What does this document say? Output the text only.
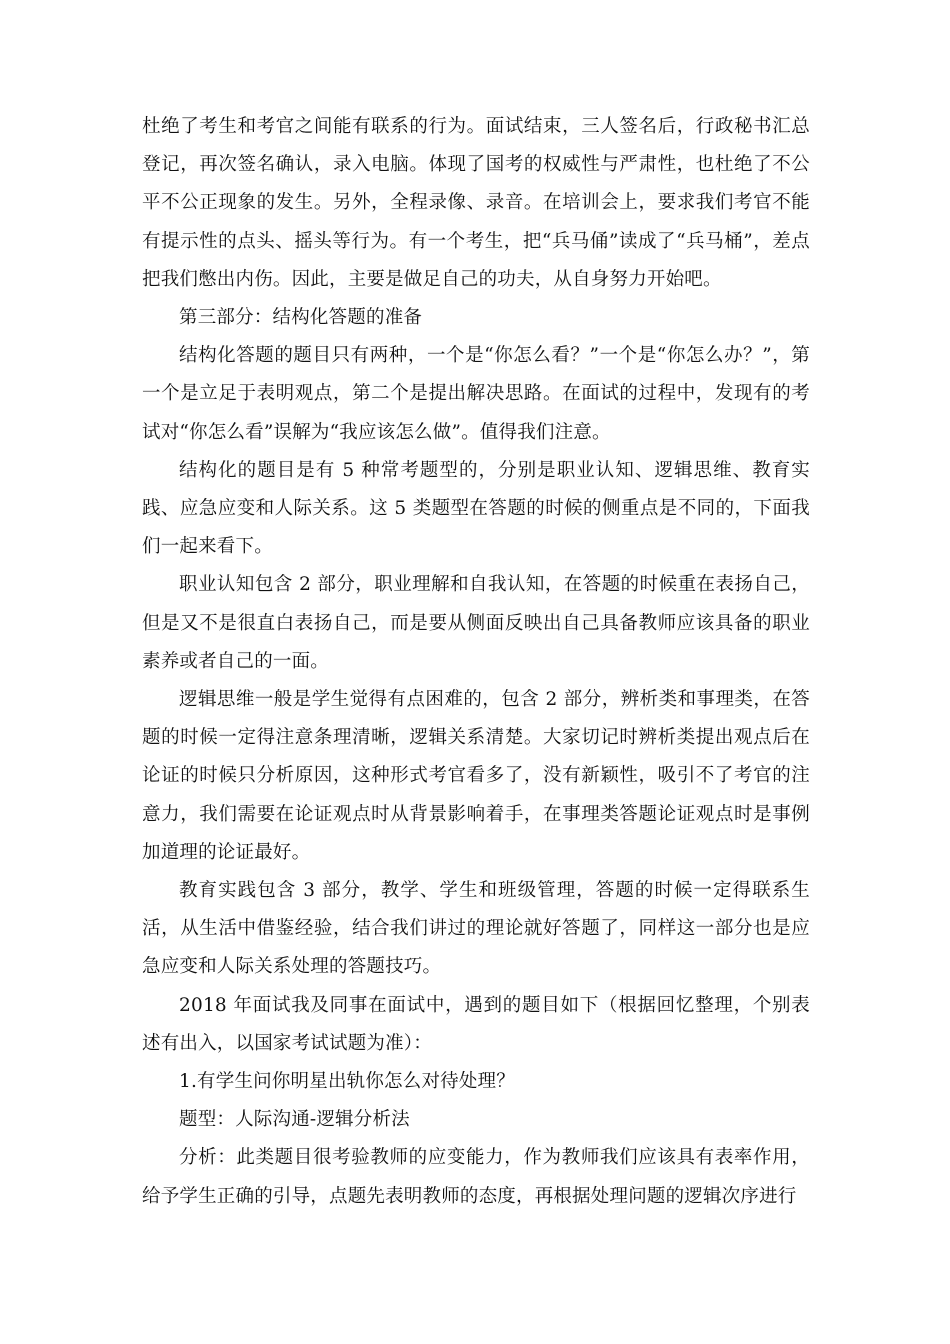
杜绝了考生和考官之间能有联系的行为。面试结束，三人签名后，行政秘书汇总登记，再次签名确认，录入电脑。体现了国考的权威性与严肃性，也杜绝了不公平不公正现象的发生。另外，全程录像、录音。在培训会上，要求我们考官不能有提示性的点头、摇头等行为。有一个考生，把“兵马俑”读成了“兵马桶”，差点把我们憋出内伤。因此，主要是做足自己的功夫，从自身努力开始吧。

第三部分：结构化答题的准备

结构化答题的题目只有两种，一个是“你怎么看？”一个是“你怎么办？”，第一个是立足于表明观点，第二个是提出解决思路。在面试的过程中，发现有的考试对“你怎么看”误解为“我应该怎么做”。值得我们注意。

结构化的题目是有 5 种常考题型的，分别是职业认知、逻辑思维、教育实践、应急应变和人际关系。这 5 类题型在答题的时候的侧重点是不同的，下面我们一起来看下。

职业认知包含 2 部分，职业理解和自我认知，在答题的时候重在表扬自己，但是又不是很直白表扬自己，而是要从侧面反映出自己具备教师应该具备的职业素养或者自己的一面。

逻辑思维一般是学生觉得有点困难的，包含 2 部分，辨析类和事理类，在答题的时候一定得注意条理清晰，逻辑关系清楚。大家切记时辨析类提出观点后在论证的时候只分析原因，这种形式考官看多了，没有新颖性，吸引不了考官的注意力，我们需要在论证观点时从背景影响着手，在事理类答题论证观点时是事例加道理的论证最好。

教育实践包含 3 部分，教学、学生和班级管理，答题的时候一定得联系生活，从生活中借鉴经验，结合我们讲过的理论就好答题了，同样这一部分也是应急应变和人际关系处理的答题技巧。

2018 年面试我及同事在面试中，遇到的题目如下（根据回忆整理，个别表述有出入，以国家考试试题为准）：

1.有学生问你明星出轨你怎么对待处理？

题型：人际沟通-逻辑分析法

分析：此类题目很考验教师的应变能力，作为教师我们应该具有表率作用，给予学生正确的引导，点题先表明教师的态度，再根据处理问题的逻辑次序进行
